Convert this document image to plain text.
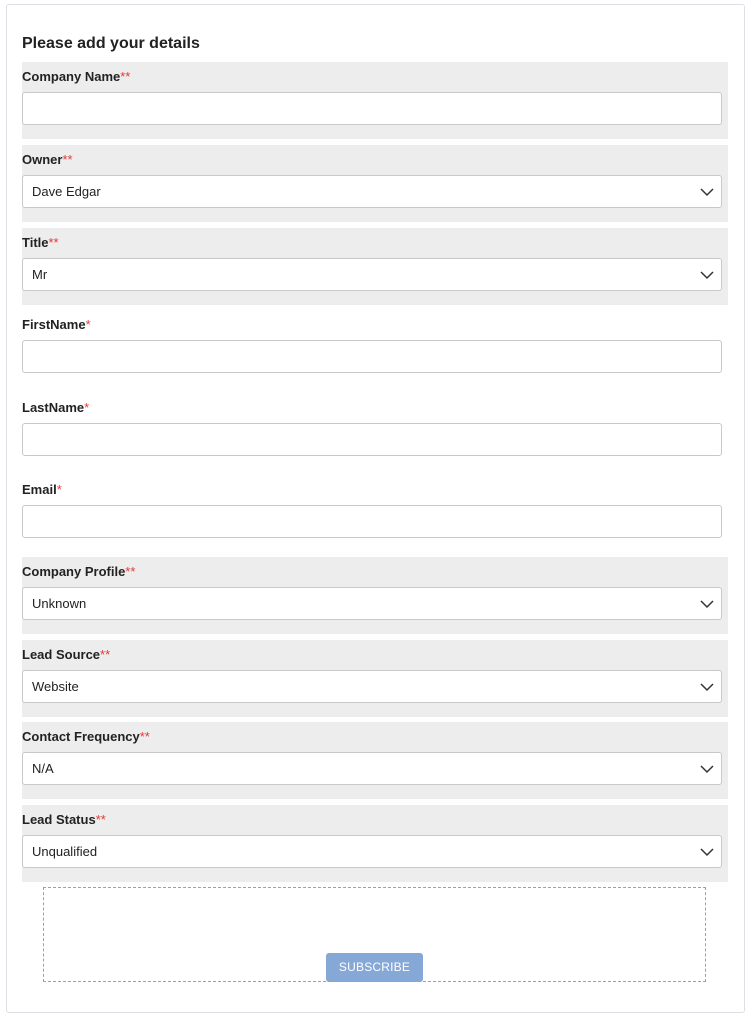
Please add your details
Company Name**
Owner**
Dave Edgar
Title**
Mr
FirstName*
LastName*
Email*
Company Profile**
Unknown
Lead Source**
Website
Contact Frequency**
N/A
Lead Status**
Unqualified
SUBSCRIBE
